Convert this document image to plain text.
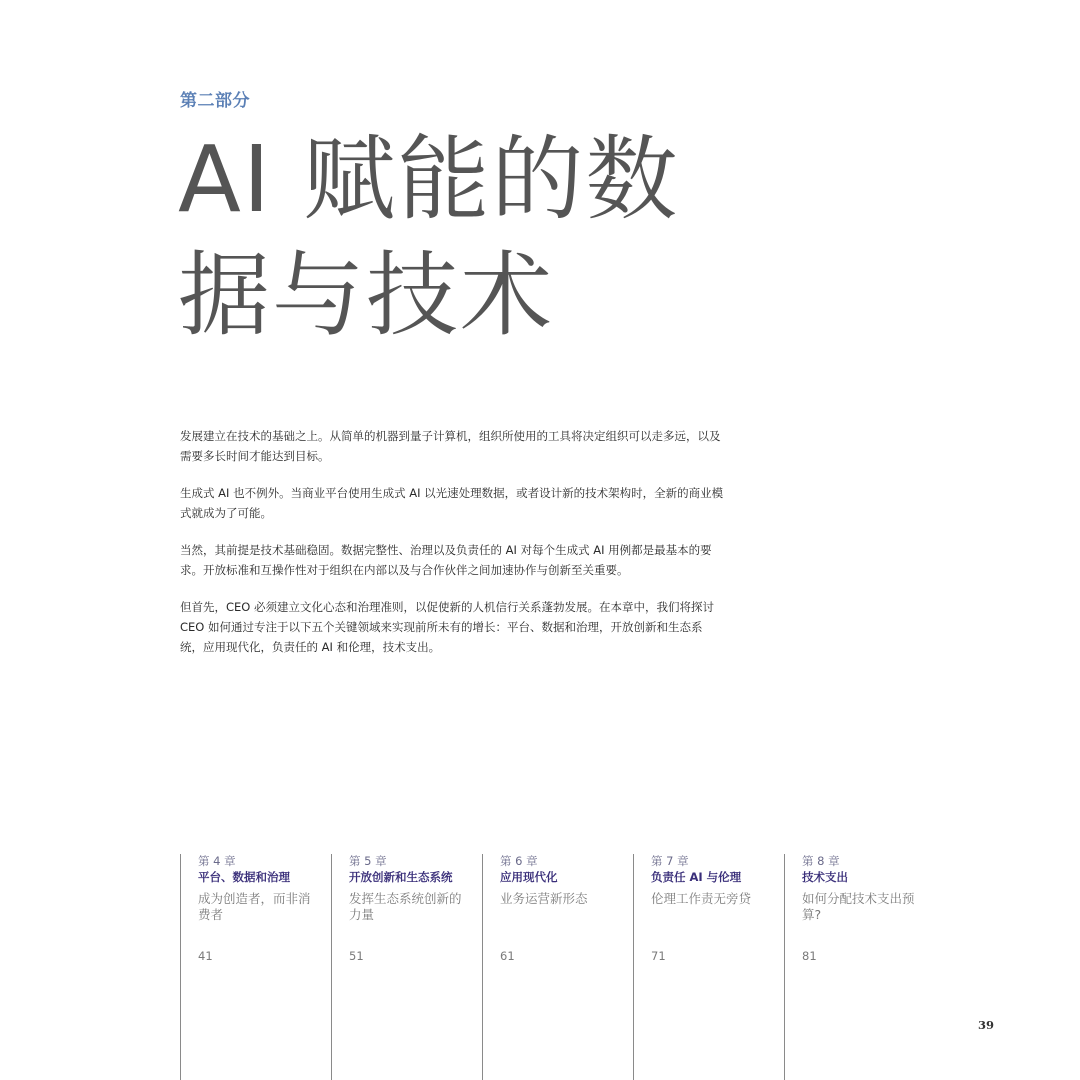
第二部分
AI 赋能的数
据与技术

发展建立在技术的基础之上。从简单的机器到量子计算机，组织所使用的工具将决定组织可以走多远，以及需要多长时间才能达到目标。

生成式 AI 也不例外。当商业平台使用生成式 AI 以光速处理数据，或者设计新的技术架构时，全新的商业模式就成为了可能。

当然，其前提是技术基础稳固。数据完整性、治理以及负责任的 AI 对每个生成式 AI 用例都是最基本的要求。开放标准和互操作性对于组织在内部以及与合作伙伴之间加速协作与创新至关重要。

但首先，CEO 必须建立文化心态和治理准则，以促使新的人机信行关系蓬勃发展。在本章中，我们将探讨 CEO 如何通过专注于以下五个关键领域来实现前所未有的增长：平台、数据和治理，开放创新和生态系统，应用现代化，负责任的 AI 和伦理，技术支出。

第 4 章
平台、数据和治理
成为创造者，而非消费者
41
第 5 章
开放创新和生态系统
发挥生态系统创新的力量
51
第 6 章
应用现代化
业务运营新形态
61
第 7 章
负责任 AI 与伦理
伦理工作责无旁贷
71
第 8 章
技术支出
如何分配技术支出预算?
81
39
